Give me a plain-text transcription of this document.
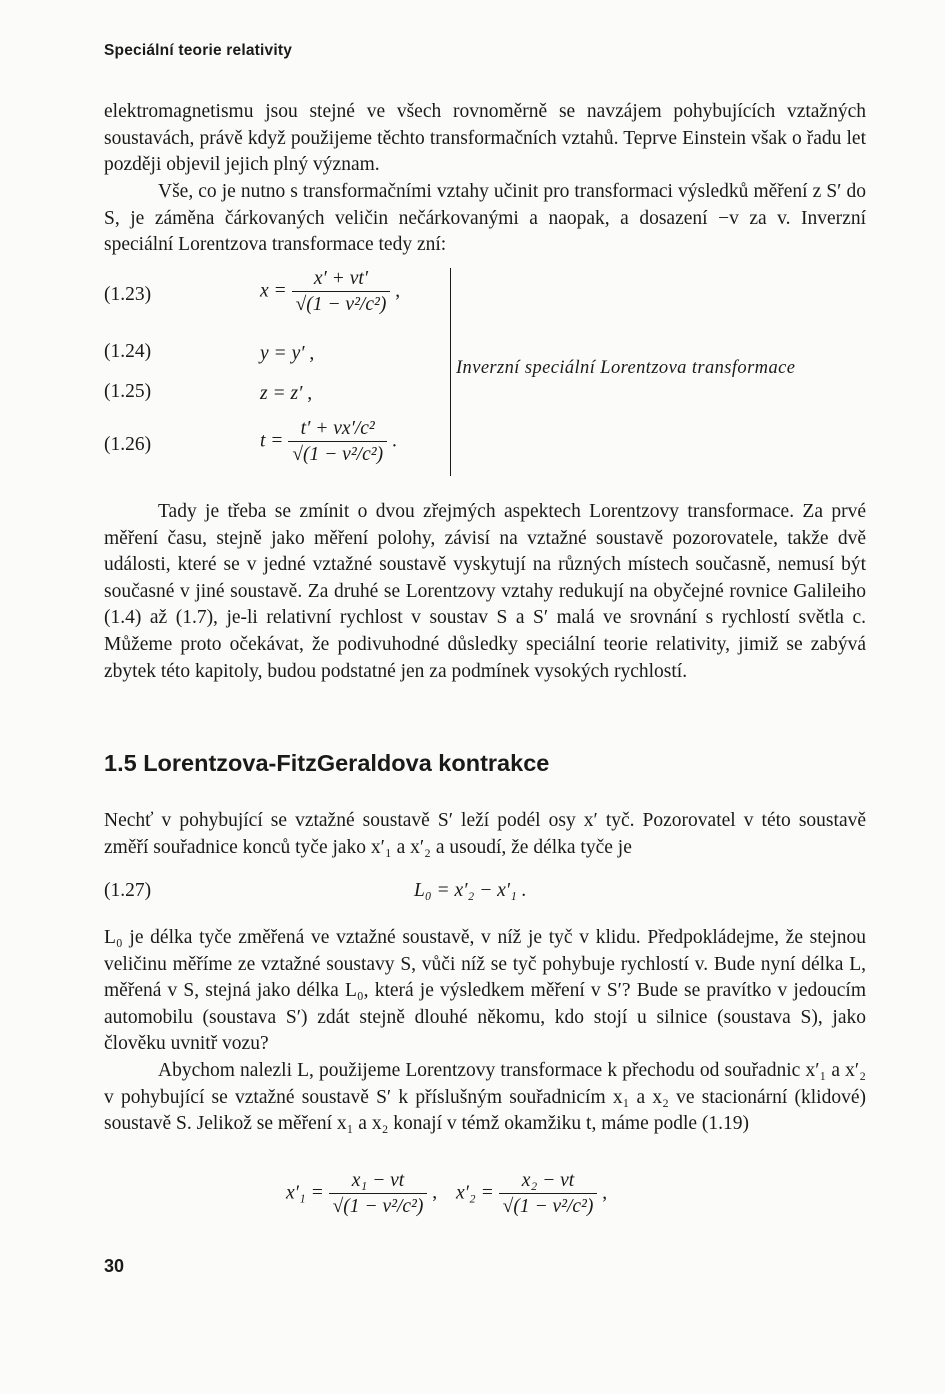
Speciální teorie relativity
elektromagnetismu jsou stejné ve všech rovnoměrně se navzájem pohybujících vztažných soustavách, právě když použijeme těchto transformačních vztahů. Teprve Einstein však o řadu let později objevil jejich plný význam.
Vše, co je nutno s transformačními vztahy učinit pro transformaci výsledků měření z S′ do S, je záměna čárkovaných veličin nečárkovanými a naopak, a dosazení −v za v. Inverzní speciální Lorentzova transformace tedy zní:
(1.23)	$x = \frac{x' + vt'}{\text{√(1 − v²/c²)}}$ ,
(1.24)	y = y′ ,
(1.25)	z = z′ ,
(1.26)	$t = \frac{\text{t′ + vx′/c²}}{\text{√(1 − v²/c²)}}$ .
Inverzní speciální Lorentzova transformace
Tady je třeba se zmínit o dvou zřejmých aspektech Lorentzovy transformace. Za prvé měření času, stejně jako měření polohy, závisí na vztažné soustavě pozorovatele, takže dvě události, které se v jedné vztažné soustavě vyskytují na různých místech současně, nemusí být současné v jiné soustavě. Za druhé se Lorentzovy vztahy redukují na obyčejné rovnice Galileiho (1.4) až (1.7), je-li relativní rychlost v soustav S a S′ malá ve srovnání s rychlostí světla c. Můžeme proto očekávat, že podivuhodné důsledky speciální teorie relativity, jimiž se zabývá zbytek této kapitoly, budou podstatné jen za podmínek vysokých rychlostí.
1.5 Lorentzova-FitzGeraldova kontrakce
Nechť v pohybující se vztažné soustavě S′ leží podél osy x′ tyč. Pozorovatel v této soustavě změří souřadnice konců tyče jako x′₁ a x′₂ a usoudí, že délka tyče je
(1.27)	L₀ = x′₂ − x′₁ .
L₀ je délka tyče změřená ve vztažné soustavě, v níž je tyč v klidu. Předpokládejme, že stejnou veličinu měříme ze vztažné soustavy S, vůči níž se tyč pohybuje rychlostí v. Bude nyní délka L, měřená v S, stejná jako délka L₀, která je výsledkem měření v S′? Bude se pravítko v jedoucím automobilu (soustava S′) zdát stejně dlouhé někomu, kdo stojí u silnice (soustava S), jako člověku uvnitř vozu?
Abychom nalezli L, použijeme Lorentzovy transformace k přechodu od souřadnic x′₁ a x′₂ v pohybující se vztažné soustavě S′ k příslušným souřadnicím x₁ a x₂ ve stacionární (klidové) soustavě S. Jelikož se měření x₁ a x₂ konají v témž okamžiku t, máme podle (1.19)
$x'_1 = \frac{\text{x₁ − vt}}{\text{√(1 − v²/c²)}}$ , $x'_2 = \frac{\text{x₂ − vt}}{\text{√(1 − v²/c²)}}$ ,
30
